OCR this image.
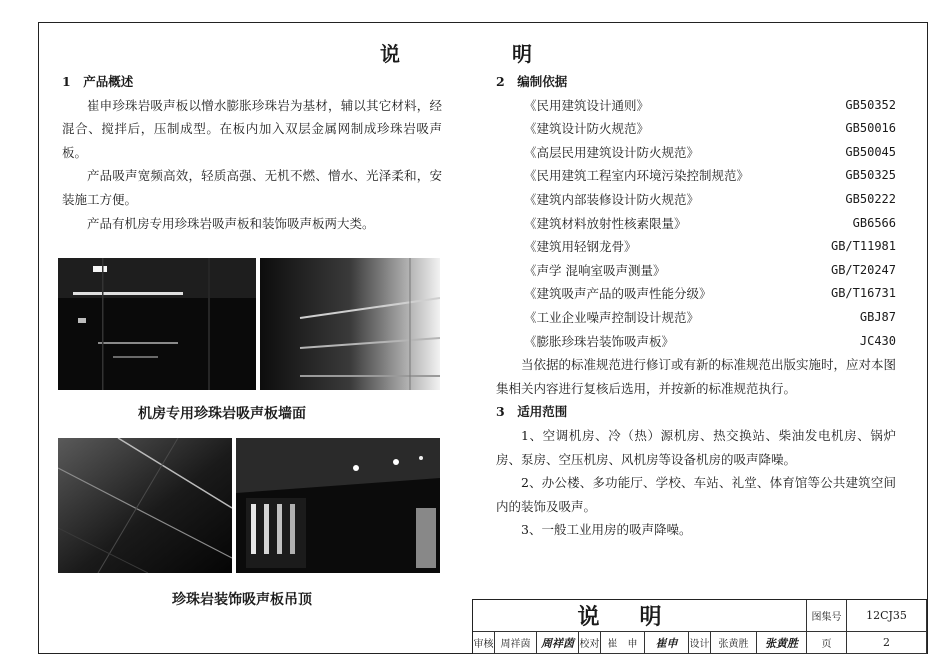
说　　　　　明
1　产品概述

崔申珍珠岩吸声板以憎水膨胀珍珠岩为基材，辅以其它材料，经混合、搅拌后，压制成型。在板内加入双层金属网制成珍珠岩吸声板。

产品吸声宽频高效，轻质高强、无机不燃、憎水、光泽柔和，安装施工方便。

产品有机房专用珍珠岩吸声板和装饰吸声板两大类。

机房专用珍珠岩吸声板墙面
珍珠岩装饰吸声板吊顶
2　编制依据
《民用建筑设计通则》	GB50352
《建筑设计防火规范》	GB50016
《高层民用建筑设计防火规范》	GB50045
《民用建筑工程室内环境污染控制规范》	GB50325
《建筑内部装修设计防火规范》	GB50222
《建筑材料放射性核素限量》	GB6566
《建筑用轻钢龙骨》	GB/T11981
《声学 混响室吸声测量》	GB/T20247
《建筑吸声产品的吸声性能分级》	GB/T16731
《工业企业噪声控制设计规范》	GBJ87
《膨胀珍珠岩装饰吸声板》	JC430

当依据的标准规范进行修订或有新的标准规范出版实施时，应对本图集相关内容进行复核后选用，并按新的标准规范执行。

3　适用范围

1、空调机房、冷（热）源机房、热交换站、柴油发电机房、锅炉房、泵房、空压机房、风机房等设备机房的吸声降噪。

2、办公楼、多功能厅、学校、车站、礼堂、体育馆等公共建筑空间内的装饰及吸声。

3、一般工业用房的吸声降噪。

说明	图集号	12CJ35
审核 周祥茵 周祥茵 校对 崔　申	崔申	设计 张黄胜	张黄胜	页	2
